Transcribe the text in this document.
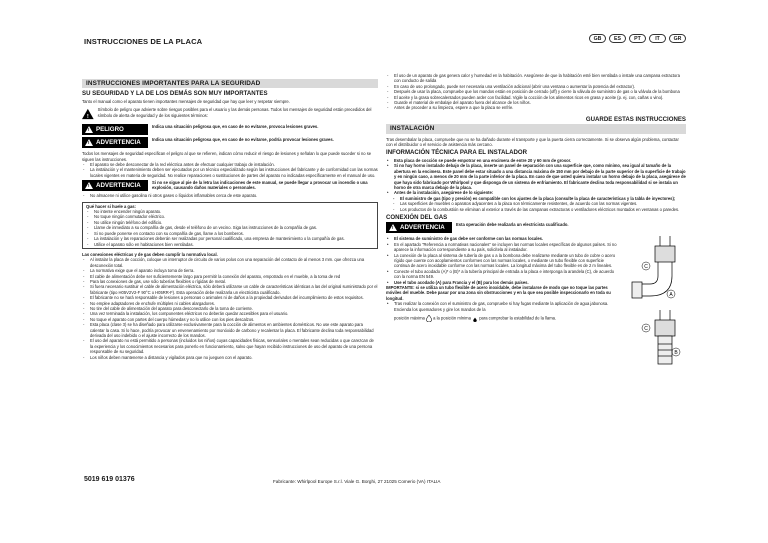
INSTRUCCIONES DE LA PLACA	GB	ES	PT	IT	GR
INSTRUCCIONES IMPORTANTES PARA LA SEGURIDAD
SU SEGURIDAD Y LA DE LOS DEMÁS SON MUY IMPORTANTES

Tanto el manual como el aparato tienen importantes mensajes de seguridad que hay que leer y respetar siempre.

!

Símbolo de peligro que advierte sobre riesgos posibles para el usuario y las demás personas. Todos los mensajes de seguridad están precedidos del símbolo de alerta de seguridad y de los siguientes términos:

! PELIGRO	Indica una situación peligrosa que, en caso de no evitarse, provoca lesiones graves.
! ADVERTENCIA	Indica una situación peligrosa que, en caso de no evitarse, podría provocar lesiones graves.

Todos los mensajes de seguridad especifican el peligro al que se refieren, indican cómo reducir el riesgo de lesiones y señalan lo que puede suceder si no se siguen las instrucciones.

- El aparato se debe desconectar de la red eléctrica antes de efectuar cualquier trabajo de instalación.
- La instalación y el mantenimiento deben ser ejecutados por un técnico especializado según las instrucciones del fabricante y de conformidad con las normas locales vigentes en materia de seguridad. No realice reparaciones o sustituciones de partes del aparato no indicadas específicamente en el manual de uso.
! ADVERTENCIA	Si no se sigue al pie de la letra las indicaciones de este manual, se puede llegar a provocar un incendio o una explosión, causando daños materiales o personales.
- No almacene ni utilice gasolina ni otros gases o líquidos inflamables cerca de este aparato.
Qué hacer si huele a gas:
- No intente encender ningún aparato.
- No toque ningún conmutador eléctrico.
- No utilice ningún teléfono del edificio.
- Llame de inmediato a su compañía de gas, desde el teléfono de un vecino. Siga las instrucciones de la compañía de gas.
- Si no puede ponerse en contacto con su compañía de gas, llame a los bomberos.
- La instalación y las reparaciones deberán ser realizadas por personal cualificado, una empresa de mantenimiento o la compañía de gas.
- Utilice el aparato sólo en habitaciones bien ventiladas.
Las conexiones eléctricas y de gas deben cumplir la normativa local.
- Al instalar la placa de cocción, coloque un interruptor de circuito de varios polos con una separación del contacto de al menos 3 mm. que ofrezca una desconexión total.
- La normativa exige que el aparato incluya toma de tierra.
- El cable de alimentación debe ser suficientemente largo para permitir la conexión del aparato, empotrado en el mueble, a la toma de red
- Para las conexiones de gas, use sólo tuberías flexibles o rígidas de metal.
- Si fuera necesario sustituir el cable de alimentación eléctrica, sólo deberá utilizarse un cable de características idénticas a las del original suministrado por el fabricante (tipo H05V2V2-F 90°C o H05RR-F). Esta operación debe realizarla un electricista cualificado.
- El fabricante no se hará responsable de lesiones a personas o animales ni de daños a la propiedad derivados del incumplimiento de estos requisitos.
- No emplee adaptadores de enchufe múltiples ni cables alargadores.
- No tire del cable de alimentación del aparato para desconectarlo de la toma de corriente.
- Una vez terminada la instalación, los componentes eléctricos no deberán quedar accesibles para el usuario.
- No toque el aparato con partes del cuerpo húmedas y no lo utilice con los pies descalzos.
- Esta placa (clase 3) se ha diseñado para utilizarse exclusivamente para la cocción de alimentos en ambientes domésticos. No use este aparato para calentar la casa. Si lo hace, podría provocar un envenenamiento por monóxido de carbono y recalentar la placa. El fabricante declina toda responsabilidad derivada del uso indebido o el ajuste incorrecto de los mandos.
- El uso del aparato no está permitido a personas (incluidos los niños) cuyas capacidades físicas, sensoriales o mentales sean reducidas o que carezcan de la experiencia y los conocimientos necesarios para ponerlo en funcionamiento, salvo que hayan recibido instrucciones de uso del aparato de una persona responsable de su seguridad.
- Los niños deben mantenerse a distancia y vigilados para que no jueguen con el aparato.
- El uso de un aparato de gas genera calor y humedad en la habitación. Asegúrese de que la habitación esté bien ventilada o instale una campana extractora con conducto de salida
- En caso de uso prolongado, puede ser necesaria una ventilación adicional (abrir una ventana o aumentar la potencia del extractor).
- Después de usar la placa, compruebe que los mandos están en posición de cerrado (off) y cierre la válvula de suministro de gas o la válvula de la bombona
- El aceite y la grasa sobrecalentados pueden arder con facilidad. Vigile la cocción de los alimentos ricos en grasa y aceite (p. ej. con, cañas o vino).
- Guarde el material de embalaje del aparato fuera del alcance de los niños.
- Antes de proceder a su limpieza, espere a que la placa se enfríe.
GUARDE ESTAS INSTRUCCIONES
INSTALACIÓN

Tras desembalar la placa, compruebe que no se ha dañado durante el transporte y que la puerta cierra correctamente. Si se observa algún problema, contactar con el distribuidor o el servicio de asistencia más cercano.

INFORMACIÓN TÉCNICA PARA EL INSTALADOR
• Esta placa de cocción se puede empotrar en una encimera de entre 20 y 60 mm de grosor.
• Si no hay horno instalado debajo de la placa, inserte un panel de separación con una superficie que, como mínimo, sea igual al tamaño de la abertura en la encimera. Este panel debe estar situado a una distancia máxima de 150 mm por debajo de la parte superior de la superficie de trabajo y en ningún caso, a menos de 20 mm de la parte inferior de la placa. En caso de que usted quiera instalar un horno debajo de la placa, asegúrese de que haya sido fabricado por Whirlpool y que disponga de un sistema de enfriamiento. El fabricante declina toda responsabilidad si se instala un horno de otra marca debajo de la placa.
• Antes de la instalación, asegúrese de lo siguiente:
- El suministro de gas (tipo y presión) es compatible con los ajustes de la placa (consulte la placa de características y la tabla de inyectores);
- Las superficies de muebles o aparatos adyacentes a la placa son térmicamente resistentes, de acuerdo con las normas vigentes.
- Los productos de la combustión se eliminan al exterior a través de las campanas extractoras o ventiladores eléctricos montados en ventanas o paredes.
CONEXIÓN DEL GAS
! ADVERTENCIA	Esta operación debe realizarla un electricista cualificado.
• El sistema de suministro de gas debe ser conforme con las normas locales.
• En el apartado "Referencia a normativas nacionales" se incluyen las normas locales específicas de algunos países. Si no aparece la información correspondiente a su país, solicítela al instalador.
• La conexión de la placa al sistema de tubería de gas o a la bombona debe realizarse mediante un tubo de cobre o acero rígido que cuente con acoplamientos conformes con las normas locales, o mediante un tubo flexible con superficie continua de acero inoxidable conforme con las normas locales. La longitud máxima del tubo flexible es de 2 m lineales.
• Conecte el tubo acodado (A)* o (B)* a la tubería principal de entrada a la placa e interponga la arandela (C), de acuerdo con la norma EN 549.
• Use el tubo acodado (A) para Francia y el (B) para los demás países.

IMPORTANTE: si se utiliza un tubo flexible de acero inoxidable, debe instalarse de modo que no toque las partes móviles del mueble. Debe pasar por una zona sin obstrucciones y en la que sea posible inspeccionarlo en toda su longitud.

• Tras realizar la conexión con el suministro de gas, compruebe si hay fugas mediante la aplicación de agua jabonosa. Encienda los quemadores y gire los mandos de la

posición máxima a la posición mínima para comprobar la estabilidad de la llama.

C
A
C
B
5019 619 01376	Fabricante: Whirlpool Europe S.r.l. Viale G. Borghi, 27 21025 Comerio (VA) ITALIA
